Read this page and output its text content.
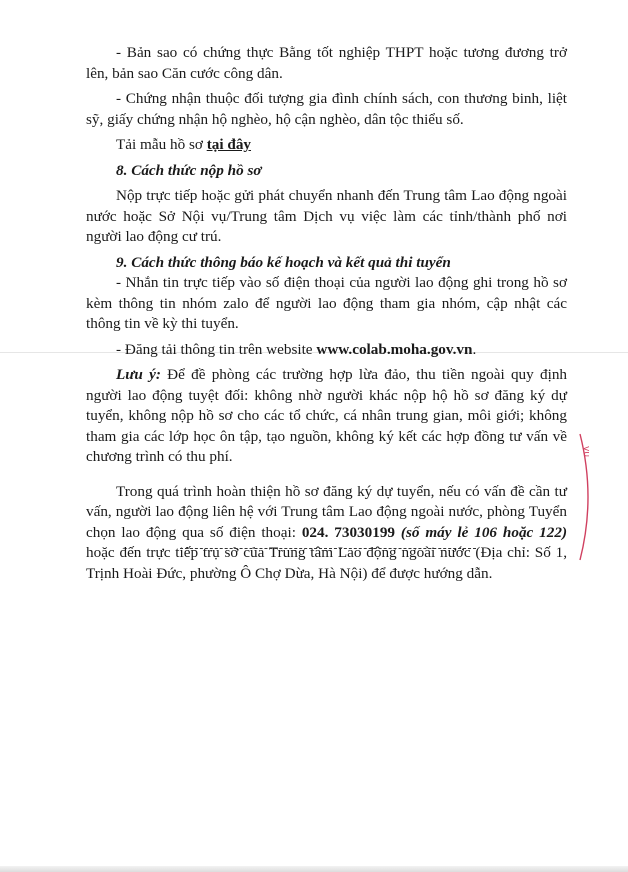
- Bản sao có chứng thực Bằng tốt nghiệp THPT hoặc tương đương trở lên, bản sao Căn cước công dân.

- Chứng nhận thuộc đối tượng gia đình chính sách, con thương binh, liệt sỹ, giấy chứng nhận hộ nghèo, hộ cận nghèo, dân tộc thiểu số.

Tải mẫu hồ sơ tại đây

8. Cách thức nộp hồ sơ

Nộp trực tiếp hoặc gửi phát chuyển nhanh đến Trung tâm Lao động ngoài nước hoặc Sở Nội vụ/Trung tâm Dịch vụ việc làm các tỉnh/thành phố nơi người lao động cư trú.

9. Cách thức thông báo kế hoạch và kết quả thi tuyển

- Nhắn tin trực tiếp vào số điện thoại của người lao động ghi trong hồ sơ kèm thông tin nhóm zalo để người lao động tham gia nhóm, cập nhật các thông tin về kỳ thi tuyển.

- Đăng tải thông tin trên website www.colab.moha.gov.vn.

Lưu ý: Để đề phòng các trường hợp lừa đảo, thu tiền ngoài quy định người lao động tuyệt đối: không nhờ người khác nộp hộ hồ sơ đăng ký dự tuyển, không nộp hồ sơ cho các tổ chức, cá nhân trung gian, môi giới; không tham gia các lớp học ôn tập, tạo nguồn, không ký kết các hợp đồng tư vấn về chương trình có thu phí.

Trong quá trình hoàn thiện hồ sơ đăng ký dự tuyển, nếu có vấn đề cần tư vấn, người lao động liên hệ với Trung tâm Lao động ngoài nước, phòng Tuyển chọn lao động qua số điện thoại: 024. 73030199 (số máy lẻ 106 hoặc 122) hoặc đến trực tiếp trụ sở của Trung tâm Lao động ngoài nước (Địa chỉ: Số 1, Trịnh Hoài Đức, phường Ô Chợ Dừa, Hà Nội) để được hướng dẫn.

vu
